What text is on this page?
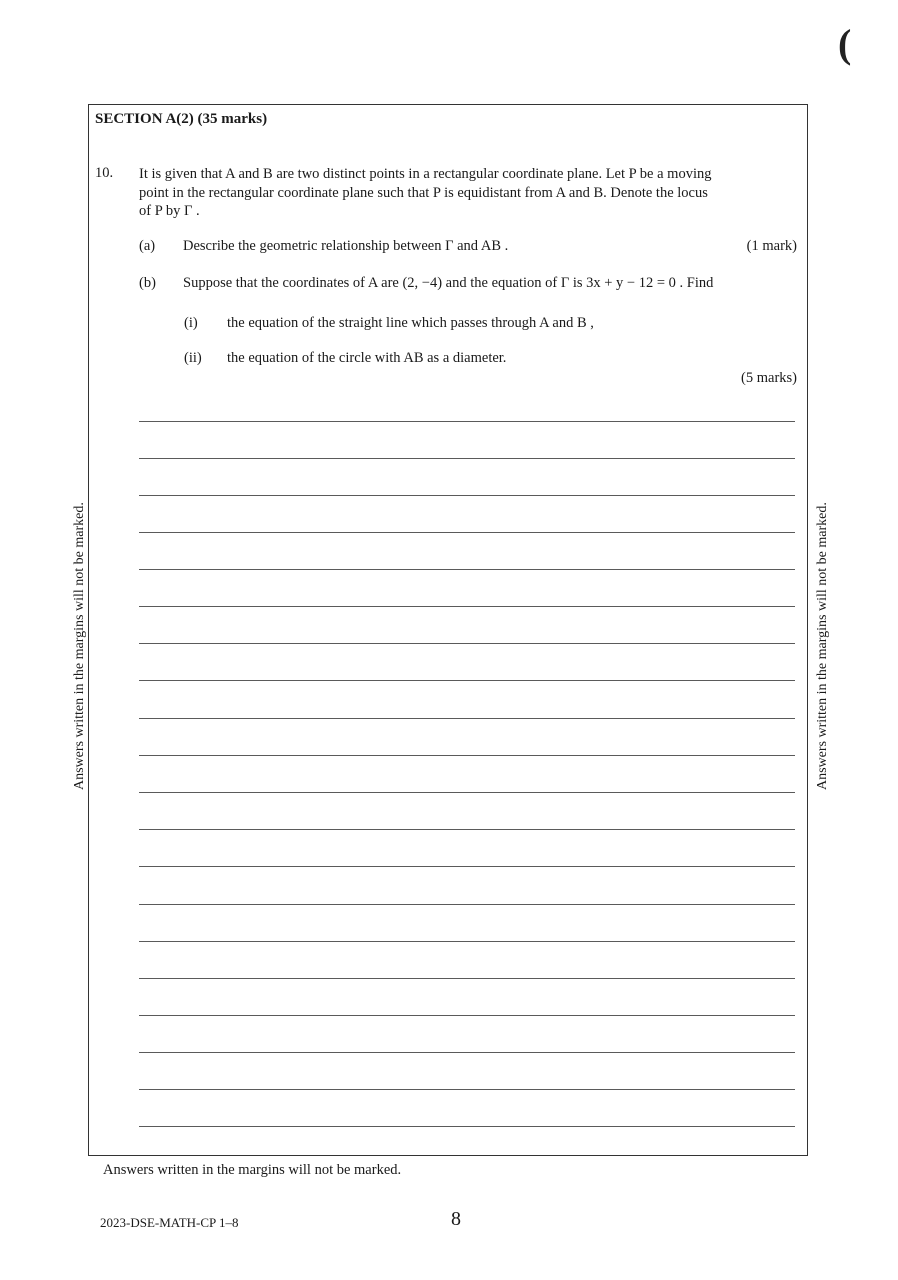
(
Answers written in the margins will not be marked.	Answers written in the margins will not be marked.
SECTION A(2) (35 marks)
10. It is given that A and B are two distinct points in a rectangular coordinate plane. Let P be a moving
point in the rectangular coordinate plane such that P is equidistant from A and B. Denote the locus
of P by Γ .
(a) Describe the geometric relationship between Γ and AB .	(1 mark)
(b) Suppose that the coordinates of A are (2, −4) and the equation of Γ is 3x + y − 12 = 0 . Find
(i) the equation of the straight line which passes through A and B ,
(ii) the equation of the circle with AB as a diameter.
(5 marks)
Answers written in the margins will not be marked.
2023-DSE-MATH-CP 1–8	8
